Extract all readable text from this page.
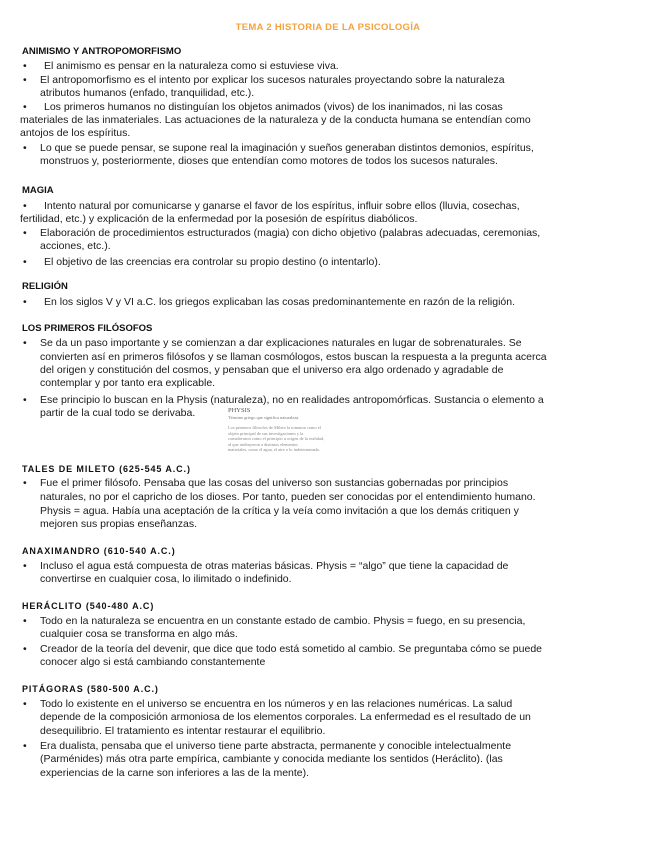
TEMA 2 HISTORIA DE LA PSICOLOGÍA
ANIMISMO Y ANTROPOMORFISMO
• El animismo es pensar en la naturaleza como si estuviese viva.
• El antropomorfismo es el intento por explicar los sucesos naturales proyectando sobre la naturaleza
atributos humanos (enfado, tranquilidad, etc.).
• Los primeros humanos no distinguían los objetos animados (vivos) de los inanimados, ni las cosas
materiales de las inmateriales. Las actuaciones de la naturaleza y de la conducta humana se entendían como
antojos de los espíritus.
• Lo que se puede pensar, se supone real la imaginación y sueños generaban distintos demonios, espíritus,
monstruos y, posteriormente, dioses que entendían como motores de todos los sucesos naturales.
MAGIA
• Intento natural por comunicarse y ganarse el favor de los espíritus, influir sobre ellos (lluvia, cosechas,
fertilidad, etc.) y explicación de la enfermedad por la posesión de espíritus diabólicos.
• Elaboración de procedimientos estructurados (magia) con dicho objetivo (palabras adecuadas, ceremonias,
acciones, etc.).
• El objetivo de las creencias era controlar su propio destino (o intentarlo).
RELIGIÓN
• En los siglos V y VI a.C. los griegos explicaban las cosas predominantemente en razón de la religión.
LOS PRIMEROS FILÓSOFOS
• Se da un paso importante y se comienzan a dar explicaciones naturales en lugar de sobrenaturales. Se
convierten así en primeros filósofos y se llaman cosmólogos, estos buscan la respuesta a la pregunta acerca
del origen y constitución del cosmos, y pensaban que el universo era algo ordenado y agradable de
contemplar y por tanto era explicable.
• Ese principio lo buscan en la Physis (naturaleza), no en realidades antropomórficas. Sustancia o elemento a
partir de la cual todo se derivaba.	PHYSIS
Término griego que significa naturaleza.
Los primeros filósofos de Mileto la tomaron como el
objeto principal de sus investigaciones y la
consideraron como el principio u origen de la realidad,
al que atribuyeron a distintos elementos
materiales, como el agua, el aire o lo indeterminado.
TALES DE MILETO (625-545 A.C.)
• Fue el primer filósofo. Pensaba que las cosas del universo son sustancias gobernadas por principios
naturales, no por el capricho de los dioses. Por tanto, pueden ser conocidas por el entendimiento humano.
Physis = agua. Había una aceptación de la crítica y la veía como invitación a que los demás critiquen y
mejoren sus propias enseñanzas.
ANAXIMANDRO (610-540 A.C.)
• Incluso el agua está compuesta de otras materias básicas. Physis = “algo” que tiene la capacidad de
convertirse en cualquier cosa, lo ilimitado o indefinido.
HERÁCLITO (540-480 A.C)
• Todo en la naturaleza se encuentra en un constante estado de cambio. Physis = fuego, en su presencia,
cualquier cosa se transforma en algo más.
• Creador de la teoría del devenir, que dice que todo está sometido al cambio. Se preguntaba cómo se puede
conocer algo si está cambiando constantemente
PITÁGORAS (580-500 A.C.)
• Todo lo existente en el universo se encuentra en los números y en las relaciones numéricas. La salud
depende de la composición armoniosa de los elementos corporales. La enfermedad es el resultado de un
desequilibrio. El tratamiento es intentar restaurar el equilibrio.
• Era dualista, pensaba que el universo tiene parte abstracta, permanente y conocible intelectualmente
(Parménides) más otra parte empírica, cambiante y conocida mediante los sentidos (Heráclito). (las
experiencias de la carne son inferiores a las de la mente).
